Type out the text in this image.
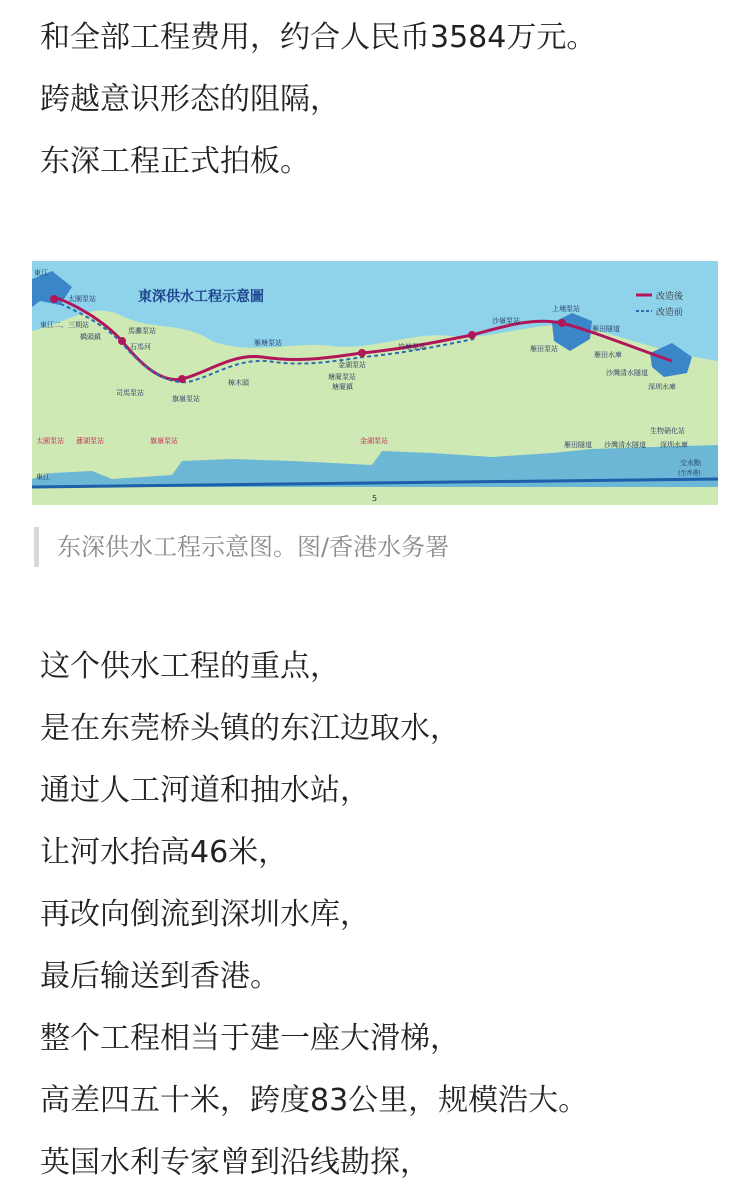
和全部工程费用，约合人民币3584万元。
跨越意识形态的阻隔，
东深工程正式拍板。
東深供水工程示意圖	改造後
改造前
太園泵站
東江二、三期站
東江
橋頭鎮
馬灘泵站
石馬河
司馬泵站
旗嶺泵站
樟木頭
雁塘泵站
金湖泵站
塘廈泵站
塘廈鎮
竹塘泵站
沙嶺泵站
上埔泵站
雁田隧道
雁田泵站
雁田水庫
沙灣清水隧道
深圳水庫
太園泵站 蓮湖泵站	旗嶺泵站	金湖泵站
東江
雁田隧道 沙灣清水隧道
生物硝化站
深圳水庫
交水點
(至香港)
5
东深供水工程示意图。图/香港水务署
这个供水工程的重点，
是在东莞桥头镇的东江边取水，
通过人工河道和抽水站，
让河水抬高46米，
再改向倒流到深圳水库，
最后输送到香港。
整个工程相当于建一座大滑梯，
高差四五十米，跨度83公里，规模浩大。
英国水利专家曾到沿线勘探，
